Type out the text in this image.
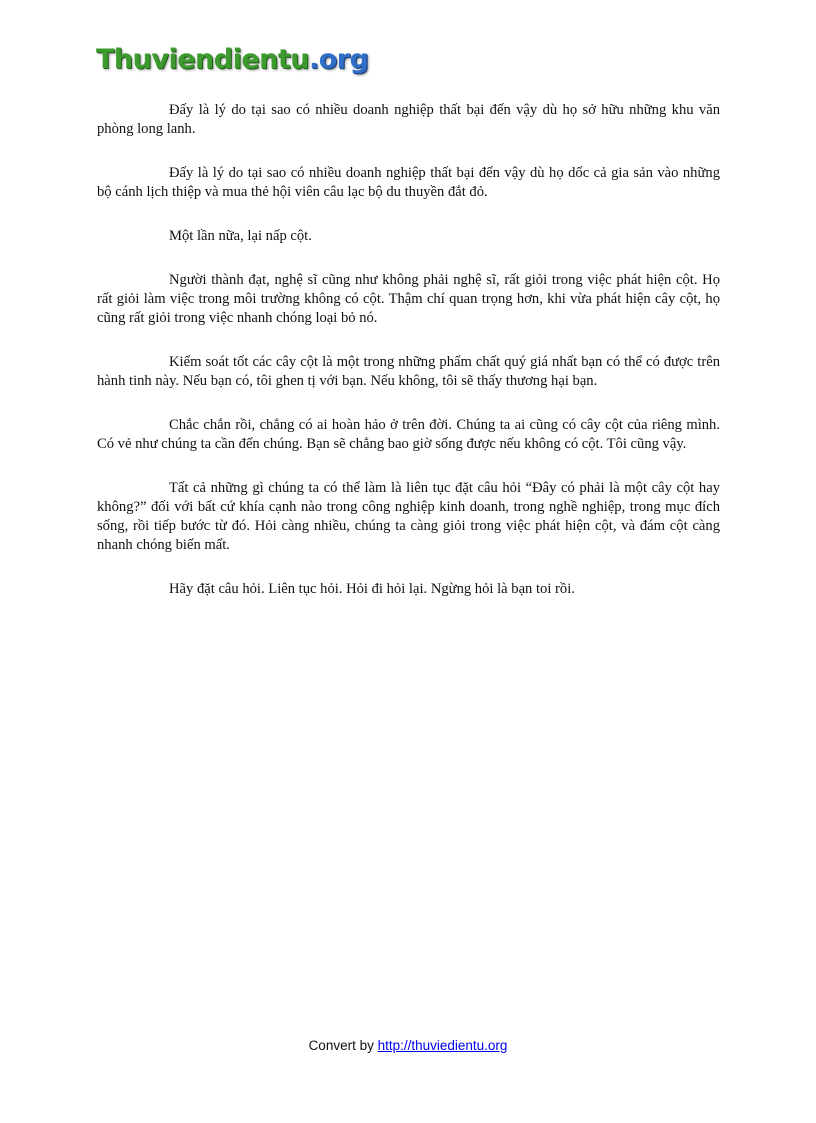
Thuviendientu.org

Đấy là lý do tại sao có nhiều doanh nghiệp thất bại đến vậy dù họ sở hữu những khu văn phòng long lanh.

Đấy là lý do tại sao có nhiều doanh nghiệp thất bại đến vậy dù họ dốc cả gia sản vào những bộ cánh lịch thiệp và mua thẻ hội viên câu lạc bộ du thuyền đắt đỏ.

Một lần nữa, lại nấp cột.

Người thành đạt, nghệ sĩ cũng như không phải nghệ sĩ, rất giỏi trong việc phát hiện cột. Họ rất giỏi làm việc trong môi trường không có cột. Thậm chí quan trọng hơn, khi vừa phát hiện cây cột, họ cũng rất giỏi trong việc nhanh chóng loại bỏ nó.

Kiểm soát tốt các cây cột là một trong những phẩm chất quý giá nhất bạn có thể có được trên hành tinh này. Nếu bạn có, tôi ghen tị với bạn. Nếu không, tôi sẽ thấy thương hại bạn.

Chắc chắn rồi, chẳng có ai hoàn hảo ở trên đời. Chúng ta ai cũng có cây cột của riêng mình. Có vẻ như chúng ta cần đến chúng. Bạn sẽ chẳng bao giờ sống được nếu không có cột. Tôi cũng vậy.

Tất cả những gì chúng ta có thể làm là liên tục đặt câu hỏi “Đây có phải là một cây cột hay không?” đối với bất cứ khía cạnh nào trong công nghiệp kinh doanh, trong nghề nghiệp, trong mục đích sống, rồi tiếp bước từ đó. Hỏi càng nhiều, chúng ta càng giỏi trong việc phát hiện cột, và đám cột càng nhanh chóng biến mất.

Hãy đặt câu hỏi. Liên tục hỏi. Hỏi đi hỏi lại. Ngừng hỏi là bạn toi rồi.

Convert by http://thuviedientu.org
